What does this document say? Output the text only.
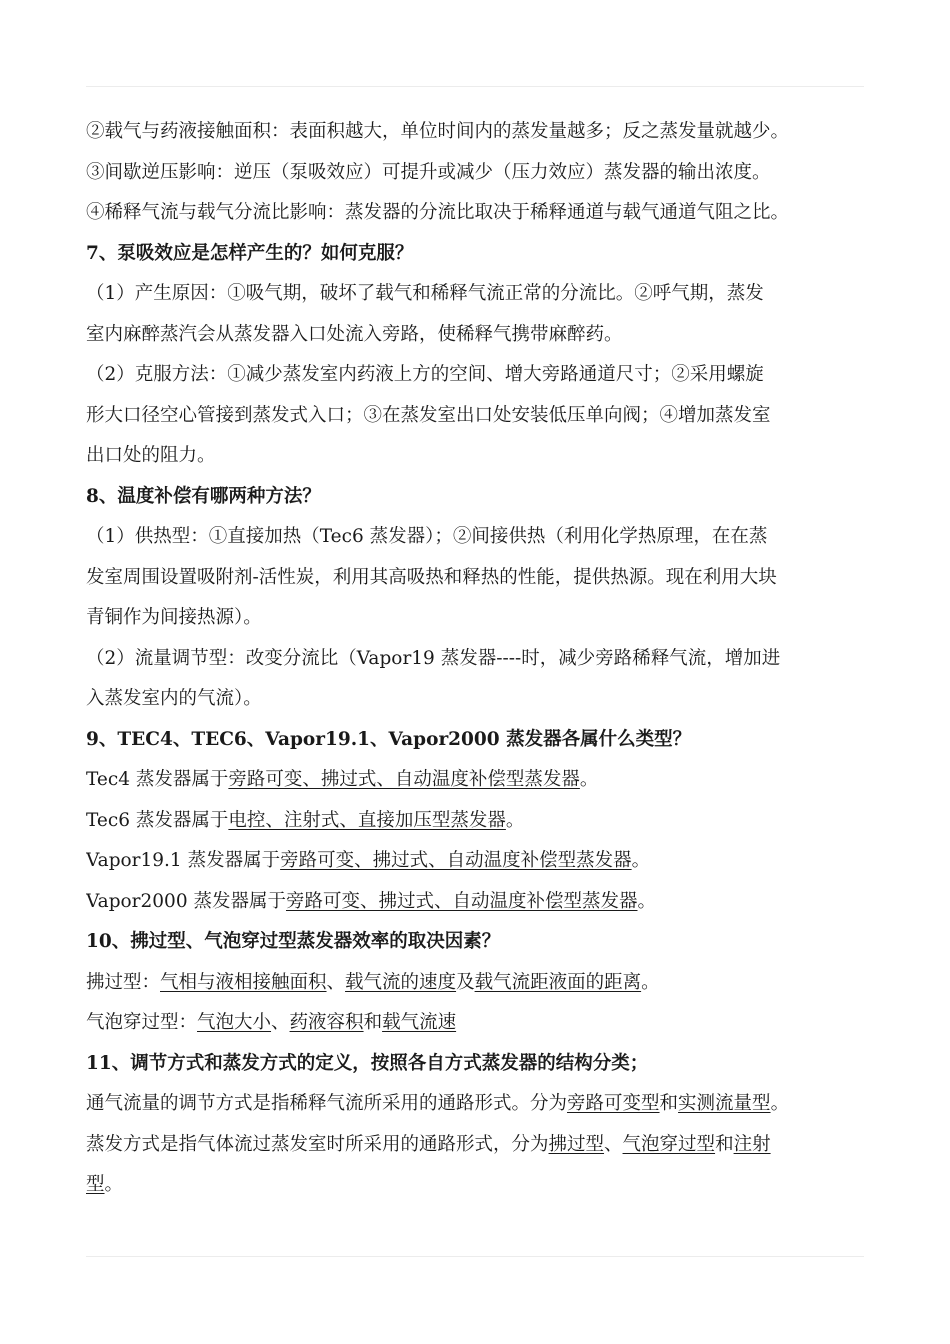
②载气与药液接触面积：表面积越大，单位时间内的蒸发量越多；反之蒸发量就越少。
③间歇逆压影响：逆压（泵吸效应）可提升或减少（压力效应）蒸发器的输出浓度。
④稀释气流与载气分流比影响：蒸发器的分流比取决于稀释通道与载气通道气阻之比。
7、泵吸效应是怎样产生的？如何克服？
（1）产生原因：①吸气期，破坏了载气和稀释气流正常的分流比。②呼气期，蒸发
室内麻醉蒸汽会从蒸发器入口处流入旁路，使稀释气携带麻醉药。
（2）克服方法：①减少蒸发室内药液上方的空间、增大旁路通道尺寸；②采用螺旋
形大口径空心管接到蒸发式入口；③在蒸发室出口处安装低压单向阀；④增加蒸发室
出口处的阻力。
8、温度补偿有哪两种方法？
（1）供热型：①直接加热（Tec6 蒸发器）；②间接供热（利用化学热原理，在在蒸
发室周围设置吸附剂-活性炭，利用其高吸热和释热的性能，提供热源。现在利用大块
青铜作为间接热源）。
（2）流量调节型：改变分流比（Vapor19 蒸发器----时，减少旁路稀释气流，增加进
入蒸发室内的气流）。
9、TEC4、TEC6、Vapor19.1、Vapor2000 蒸发器各属什么类型？
Tec4 蒸发器属于旁路可变、拂过式、自动温度补偿型蒸发器。
Tec6 蒸发器属于电控、注射式、直接加压型蒸发器。
Vapor19.1 蒸发器属于旁路可变、拂过式、自动温度补偿型蒸发器。
Vapor2000 蒸发器属于旁路可变、拂过式、自动温度补偿型蒸发器。
10、拂过型、气泡穿过型蒸发器效率的取决因素？
拂过型：气相与液相接触面积、载气流的速度及载气流距液面的距离。
气泡穿过型：气泡大小、药液容积和载气流速
11、调节方式和蒸发方式的定义，按照各自方式蒸发器的结构分类；
通气流量的调节方式是指稀释气流所采用的通路形式。分为旁路可变型和实测流量型。
蒸发方式是指气体流过蒸发室时所采用的通路形式，分为拂过型、气泡穿过型和注射
型。
